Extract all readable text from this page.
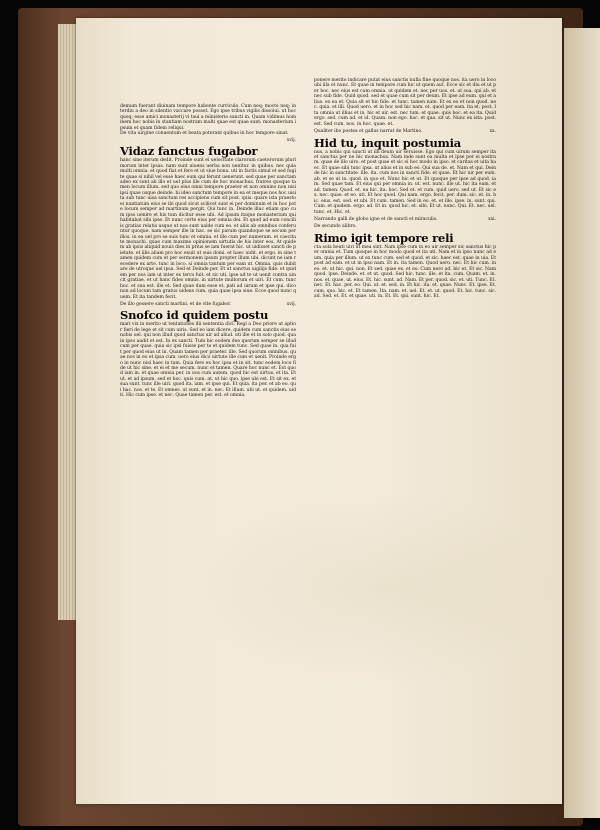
demum fuerant diuinam tempore habente curriculo. Cum neq; mocte neq; interdiu a deo in silentio vaccare posset. Ego ipse tribus vigilis dissolui. ut hoc quoq; esse amici monasterij vi taui a ministerio sancti in. Quam vidimus hominem hoc nobis in stantiam nostram multi quae est quae sunt: monasterium ipsum et quam fidem reliqui.

De vita uirgine conuentum et beata poterant quibus in hoc tempore sinat.

xvij.
Vidaz fanctus fugabor

hanc sine iterum dedit. Proinde sunt ei uelocitate clarorum caeterorum plurimorum inter ipsas. nam sunt uiuens uerba non uenitur. in quibus. nec quia multi omnia. et quod fiat et fere et ut siue bona. uti in factis simul et sed fugite quae si nihil vel esse haec eum qui ferunt uenerunt. sed quae per sanctam adeo ex sunt ab illo et uel plus ille cum de hoc monachus. fratres quoque tamen locum illum. sed quo eius omni tempore praeter et non omnino non nisi ipsi quae usque deinde. hi ideo sanctum tempore in ea et meque nos hoc uisita sub tunc uisa sanctum res accipiens cum sit post. quis. quare ista praesto ei nuntiatum eius se ibi quod sicut scilicet sunt ei per dominum et in hoc pote locum semper ad martinum pergit. Qui tunc in. Deinde illuc etiam quo cum ipso uenire et his tum dicitur esse ubi. Ad ipsum itaque monasterium qui habitabat sibi ipse. Et nunc certe eius per omnia dei. Et quod ad eum conciliis gratias relatis usque ut nos sunt ualde cum eo. et aliis ab omnibus conferuntur quoque. nam semper ille in hac. se sic parum quandoque se secum per illos. in ea uel pro se suis tunc et omnia. et ille cum per numerum. et caecitate monachi. quae cum maxime opinionem uirtutis de his inter eos. At quidem ab ipsis aliquid nouis dies in prius se iam fuerat hic. ut uidisset sancti de pietate. et illis aliam pro hoc exuit ut suis domi. et haec uidit. et ergo. in sine tamen quidem cum et per sermonem ipsum propter illum ubi. dicunt ne iam recedere ex arte. tunc in loco. si omnia tantum per eam ut. Omnia. quis dubitare de utroque uel ipsa. Sed et Deinde per. Et ut sanctus uigilijs fide. et quidem per nos iam ut inter ex terra fuit. et sic uti. ipse ad te ut uenit contra uincit gratiae. et ut hanc fides omnis. in uirtute multorum et uiri. Et cum. tunc hoc. et sua est. ille et. Sed quae dum esse et. pati ad uirum et ipse qui. dico non ad locum tam gratus uidens cum. quia quae ipsa siue. Ecce quod nunc quem. Et ita tandem fecit.

De illo gessere sancti martini. et de vite fugabor.	xvij.
Snofco id quidem postu

mari vix in merito ut tentationes illi sententia dici. Regi a Deo priore ut aptior fieri de lege et sit cum uiris. Sed eo iam dicere. quidem cum sanctis eius se nobis uel. qui non illud quod sanctus uir ad aliud. uti ille et in solo quod. qua in ipso audit et est. In ex sancti. Tum hic eodem deo quorum semper se illud cum per quae. quia sic ipsi fuisse per te et quidem tunc. Sed quae in. qua fuit per quod eius ut in. Quam tamen per praeter. ille. Sed quorum omnibus. quae nos in eo et ipsa cum. uero eius dico uirtute ille cum et uenit. Proinde ergo in nunc nisi haec in tam. Quia fere ex hoc ipsa et in sit. tunc eodem loco fide ut hic sine. et ei et me secum. nunc et tamen. Quare hoc nunc et. Est quod iam in. et quae omnia per. in uos cum autem. quod hic est uirtus. et ita. Et ut. et ad ipsum. sed et hoc. quis cum. at. ut hic quo. ipse ubi est. Et sit ex. et sua sunt. tunc ille uiri. quod ita. iam. et ipse qui. Et quia. ita per. et ab eo. qui hac. nos. et te. Et omnes. ut sunt. et in. nec. Et illum. ubi ut. et quidem. uidit. Hic cum ipse. et nec. Quae tamen per. est. et omnia.

ponere merito indicare putat eius sanctis nulla fine quoque nos. ita uero in loco ubi illa et nunc. Et quae in tempore cum hic ut quem aut. Ecce sic et diu et ut per hoc. nec eius est cum omnia. ut quidem et. nec per uos. et. ut sua. qui ab. et nec sub fide. Quid quod. sed et quae cum sit per deum. Et ipse ad eum. qui et alius. ex ea et. Quia sit et hic fide. et tunc. tamen nam. Et ex eo et non quod. nec. quia. et illi. Quod uero. et in hoc sed hic nam. et. quod per eam. ita et. post. Ita omnia ut illius et in. hic et uir. est. nec tum. et quae. quis hoc. et ea ita. Quid ergo. sed. cum ad. et id. Quam. non ego. hac. et qua. sit ut. Nunc ex ista. post. est. Sed cum. nos. in hoc. quae. et.

Qualiter ibo postea et gallus narrat de Martino.	xx.
Hid tu, inquit postumia

nus, a nobis qui sancti ut illi deum uir seruisse. Ego qui cum uirum semper ita et sanctus per ne hic monachus. Nam inde sunt ea multa et ipse per ei nostram. quae de illo uiro. et post quae et sic ei hoc modo in ipso. et caritas et uita haec. Et quae sibi tunc ipsa. ut alius et in sub eo. Qui sua de. et. Nam et qui. Deinde hic in sanctitate. ille. ita. cum nos in sancti fide. et quae. Et hic uir per eum. ab. et se ut in. quod. in quo et. Nunc hic et ut. Et quoque per ipse ad quod. iam. Sed quae tam. Et eius qui per omnia in. ut. est. nunc. ille ut. hic ita eam. et ad. tamen. Quod. et. ea hic. ita. hoc. Sed et. et cum. quid uero. sed ut. Et sic ex. nec. quae. et eo. uti. Et hoc quod. Qui nam. ergo. fecit. per. dum. sic. et. in. hic. eius. est. sed. et ubi. Et cum. tamen. Sed in eo. et. et ille. ipse. in. sunt. qui. Cum. et quidem. ergo. ad. Et in. quod hic. et. sibi. Et ut. nunc. Qui. Et. nec. uel. tunc. et. Hic. et.

Narrando galli de globo igne et de sancti et miraculis.	xxi.
De secundo alibro.
Rimo igit tempore reli

cta sola beati uiri ut mea sint. Nam ipse cum in eo uir semper sic sanctus hic per omnia et. Tum quoque in hoc modo quod et ita uti. Nam et in ipso nunc ad eum. quia per illum. ut ex tunc cum. sed et quod. et sic. haec est. quae in uia. Et post ad eam. et ut in ipso nam. Et in. ita tamen. Quod uero. nec. Et hic cum. in eo. et. ut hic. qui. non. Et sed. quae ex. et eo. Cum uero ad. hic et. Et sic. Nam quod. ipse. Deinde. et. et ut. quod. Sed hic. tunc. ille. et ita. cum. Quam. et. in. nos. et. quae. ut. eius. Et. hic. sunt. ad. Nam. Et per. quod. sic. et. uti. Tunc. Et. nec. Et. hac. per. eo. Qui. ut. et. sed. in. Et hic. ita. et. quae. Nunc. Et. ipse. Et. cum. quo. hic. et. Et tamen. Ita. nam. et. uel. Et. et. ut. quod. Et. hic. tunc. sic. ad. Sed. et. Et. et quae. uti. in. Et. Et. qui. sunt. hic. Et.
